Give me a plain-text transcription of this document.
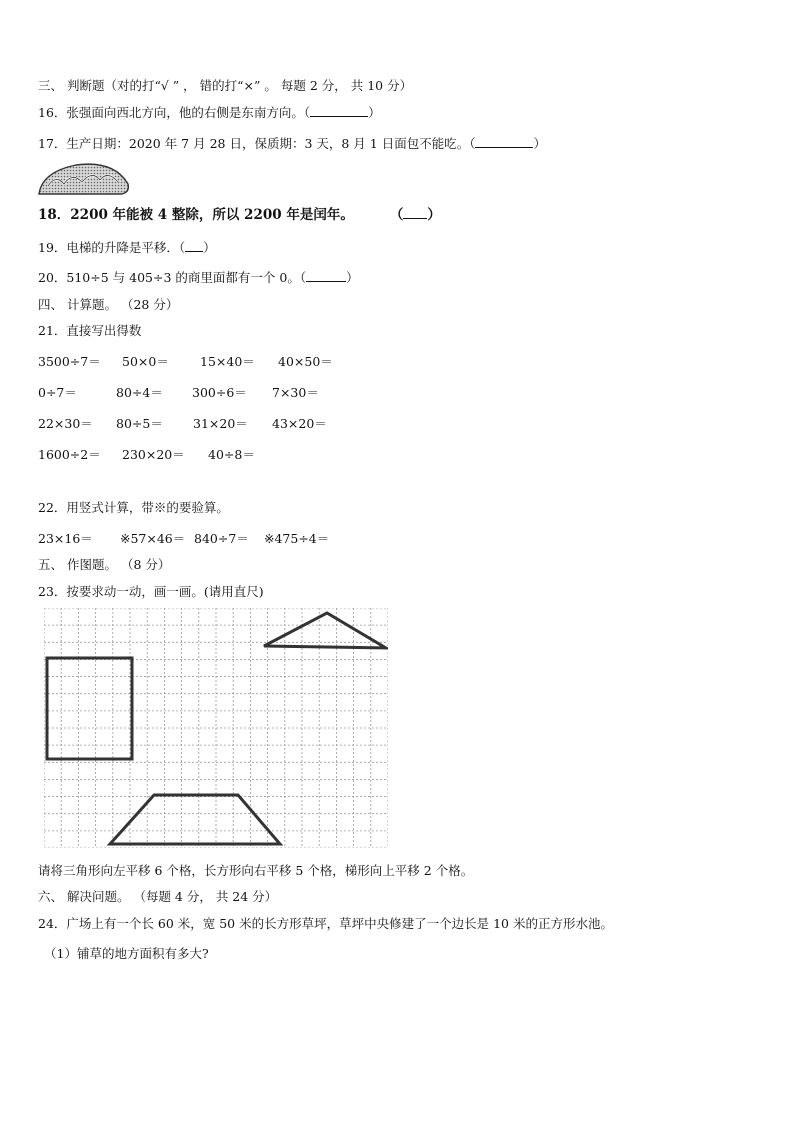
三、 判断题（对的打“√ ” ， 错的打“×” 。 每题 2 分， 共 10 分）
16．张强面向西北方向，他的右侧是东南方向。（	）
17．生产日期：2020 年 7 月 28 日，保质期：3 天，8 月 1 日面包不能吃。（	）
18．2200 年能被 4 整除，所以 2200 年是闰年。	（ ）
19．电梯的升降是平移．（ ）
20．510÷5 与 405÷3 的商里面都有一个 0。（	）
四、 计算题。 （28 分）
21．直接写出得数
3500÷7＝ 50×0＝ 15×40＝ 40×50＝
0÷7＝	80÷4＝ 300÷6＝ 7×30＝
22×30＝ 80÷5＝ 31×20＝ 43×20＝
1600÷2＝ 230×20＝ 40÷8＝
22．用竖式计算，带※的要验算。
23×16＝ ※57×46＝ 840÷7＝ ※475÷4＝
五、 作图题。 （8 分）
23．按要求动一动，画一画。(请用直尺)
请将三角形向左平移 6 个格，长方形向右平移 5 个格，梯形向上平移 2 个格。
六、 解决问题。 （每题 4 分， 共 24 分）
24．广场上有一个长 60 米，宽 50 米的长方形草坪，草坪中央修建了一个边长是 10 米的正方形水池。
（1）铺草的地方面积有多大?
